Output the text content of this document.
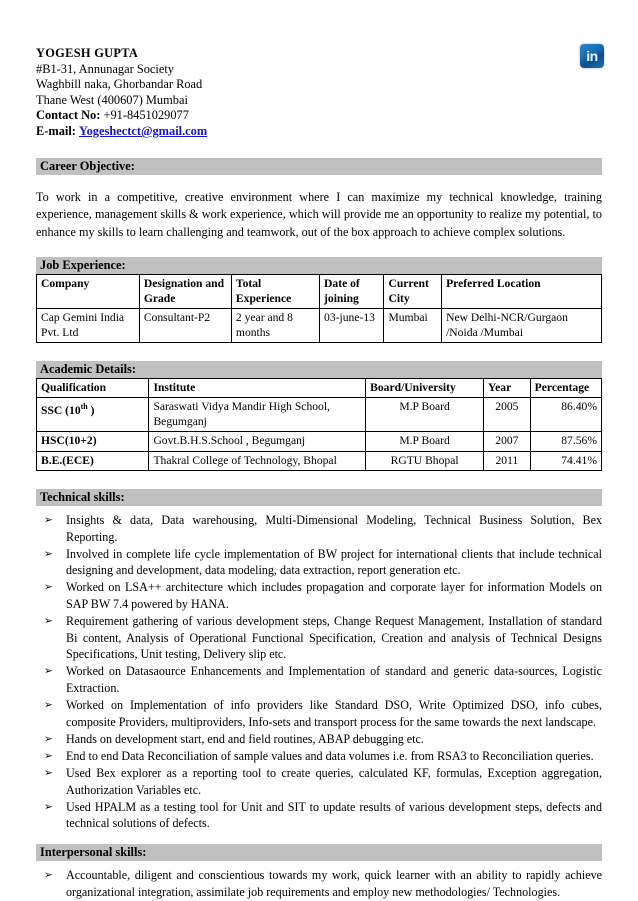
YOGESH GUPTA
#B1-31, Annunagar Society
Waghbill naka, Ghorbandar Road
Thane West (400607) Mumbai
Contact No: +91-8451029077
E-mail: Yogeshectct@gmail.com
in
Career Objective:

To work in a competitive, creative environment where I can maximize my technical knowledge, training experience, management skills & work experience, which will provide me an opportunity to realize my potential, to enhance my skills to learn challenging and teamwork, out of the box approach to achieve complex solutions.

Job Experience:
Company	Designation and Grade	Total Experience	Date of joining	Current City	Preferred Location
Cap Gemini India Pvt. Ltd	Consultant-P2	2 year and 8 months	03-june-13	Mumbai	New Delhi-NCR/Gurgaon /Noida /Mumbai
Academic Details:
Qualification	Institute	Board/University	Year	Percentage
SSC (10th )	Saraswati Vidya Mandir High School, Begumganj	M.P Board	2005	86.40%
HSC(10+2)	Govt.B.H.S.School , Begumganj	M.P Board	2007	87.56%
B.E.(ECE)	Thakral College of Technology, Bhopal	RGTU Bhopal	2011	74.41%
Technical skills:
➢ Insights & data, Data warehousing, Multi-Dimensional Modeling, Technical Business Solution, Bex Reporting.
➢ Involved in complete life cycle implementation of BW project for international clients that include technical designing and development, data modeling, data extraction, report generation etc.
➢ Worked on LSA++ architecture which includes propagation and corporate layer for information Models on SAP BW 7.4 powered by HANA.
➢ Requirement gathering of various development steps, Change Request Management, Installation of standard Bi content, Analysis of Operational Functional Specification, Creation and analysis of Technical Designs Specifications, Unit testing, Delivery slip etc.
➢ Worked on Datasaource Enhancements and Implementation of standard and generic data-sources, Logistic Extraction.
➢ Worked on Implementation of info providers like Standard DSO, Write Optimized DSO, info cubes, composite Providers, multiproviders, Info-sets and transport process for the same towards the next landscape.
➢ Hands on development start, end and field routines, ABAP debugging etc.
➢ End to end Data Reconciliation of sample values and data volumes i.e. from RSA3 to Reconciliation queries.
➢ Used Bex explorer as a reporting tool to create queries, calculated KF, formulas, Exception aggregation, Authorization Variables etc.
➢ Used HPALM as a testing tool for Unit and SIT to update results of various development steps, defects and technical solutions of defects.
Interpersonal skills:
➢ Accountable, diligent and conscientious towards my work, quick learner with an ability to rapidly achieve organizational integration, assimilate job requirements and employ new methodologies/ Technologies.
